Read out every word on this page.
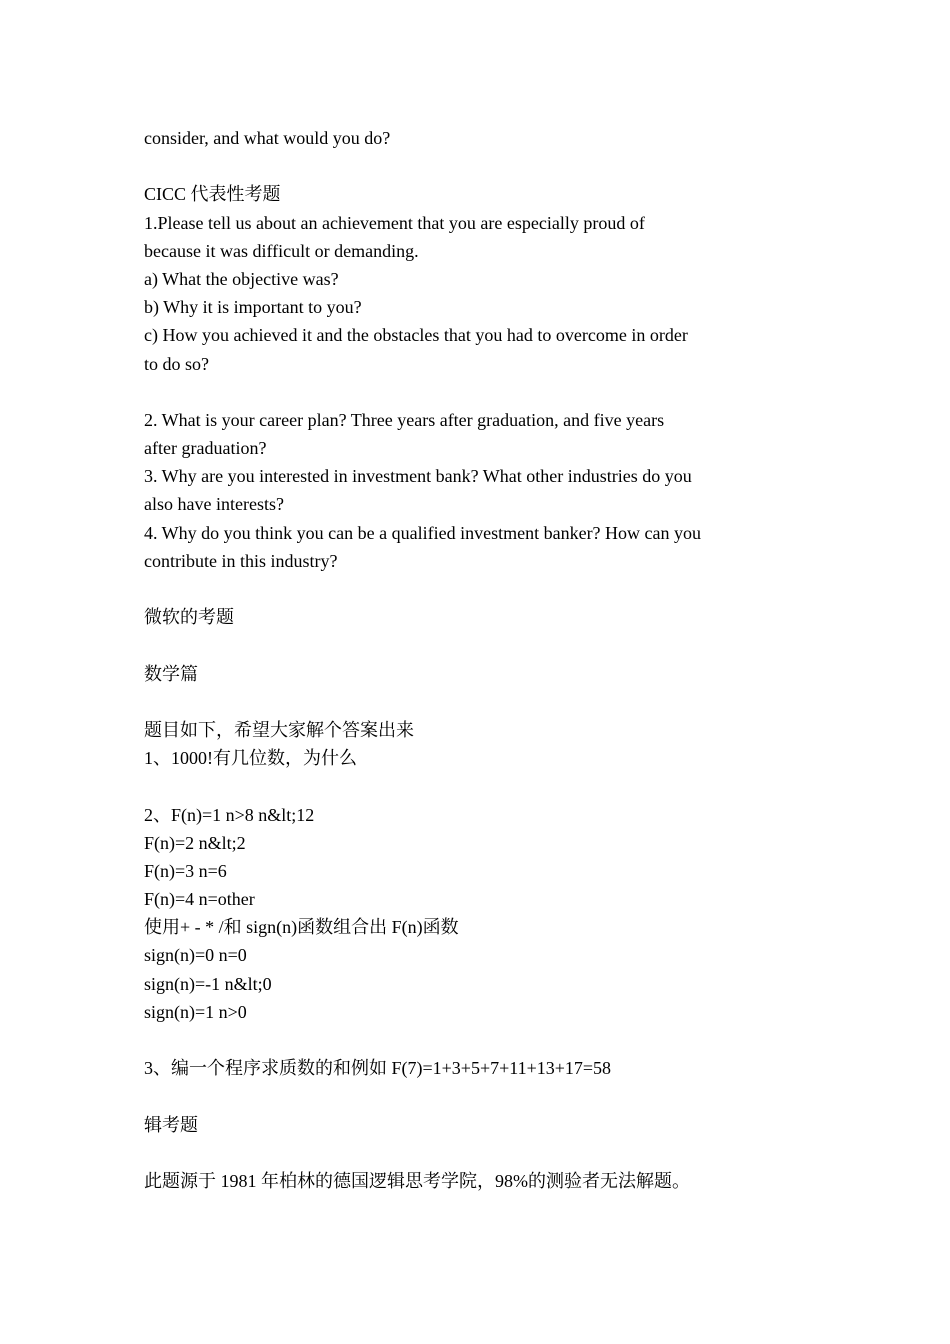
consider, and what would you do?
CICC 代表性考题
1.Please tell us about an achievement that you are especially proud of
because it was difficult or demanding.
a) What the objective was?
b) Why it is important to you?
c) How you achieved it and the obstacles that you had to overcome in order
to do so?
2. What is your career plan? Three years after graduation, and five years
after graduation?
3. Why are you interested in investment bank? What other industries do you
also have interests?
4. Why do you think you can be a qualified investment banker? How can you
contribute in this industry?
微软的考题
数学篇
题目如下，希望大家解个答案出来
1、1000!有几位数，为什么
2、F(n)=1 n>8 n&lt;12
F(n)=2 n&lt;2
F(n)=3 n=6
F(n)=4 n=other
使用+ - * /和 sign(n)函数组合出 F(n)函数
sign(n)=0 n=0
sign(n)=-1 n&lt;0
sign(n)=1 n>0
3、编一个程序求质数的和例如 F(7)=1+3+5+7+11+13+17=58
辑考题
此题源于 1981 年柏林的德国逻辑思考学院，98%的测验者无法解题。
